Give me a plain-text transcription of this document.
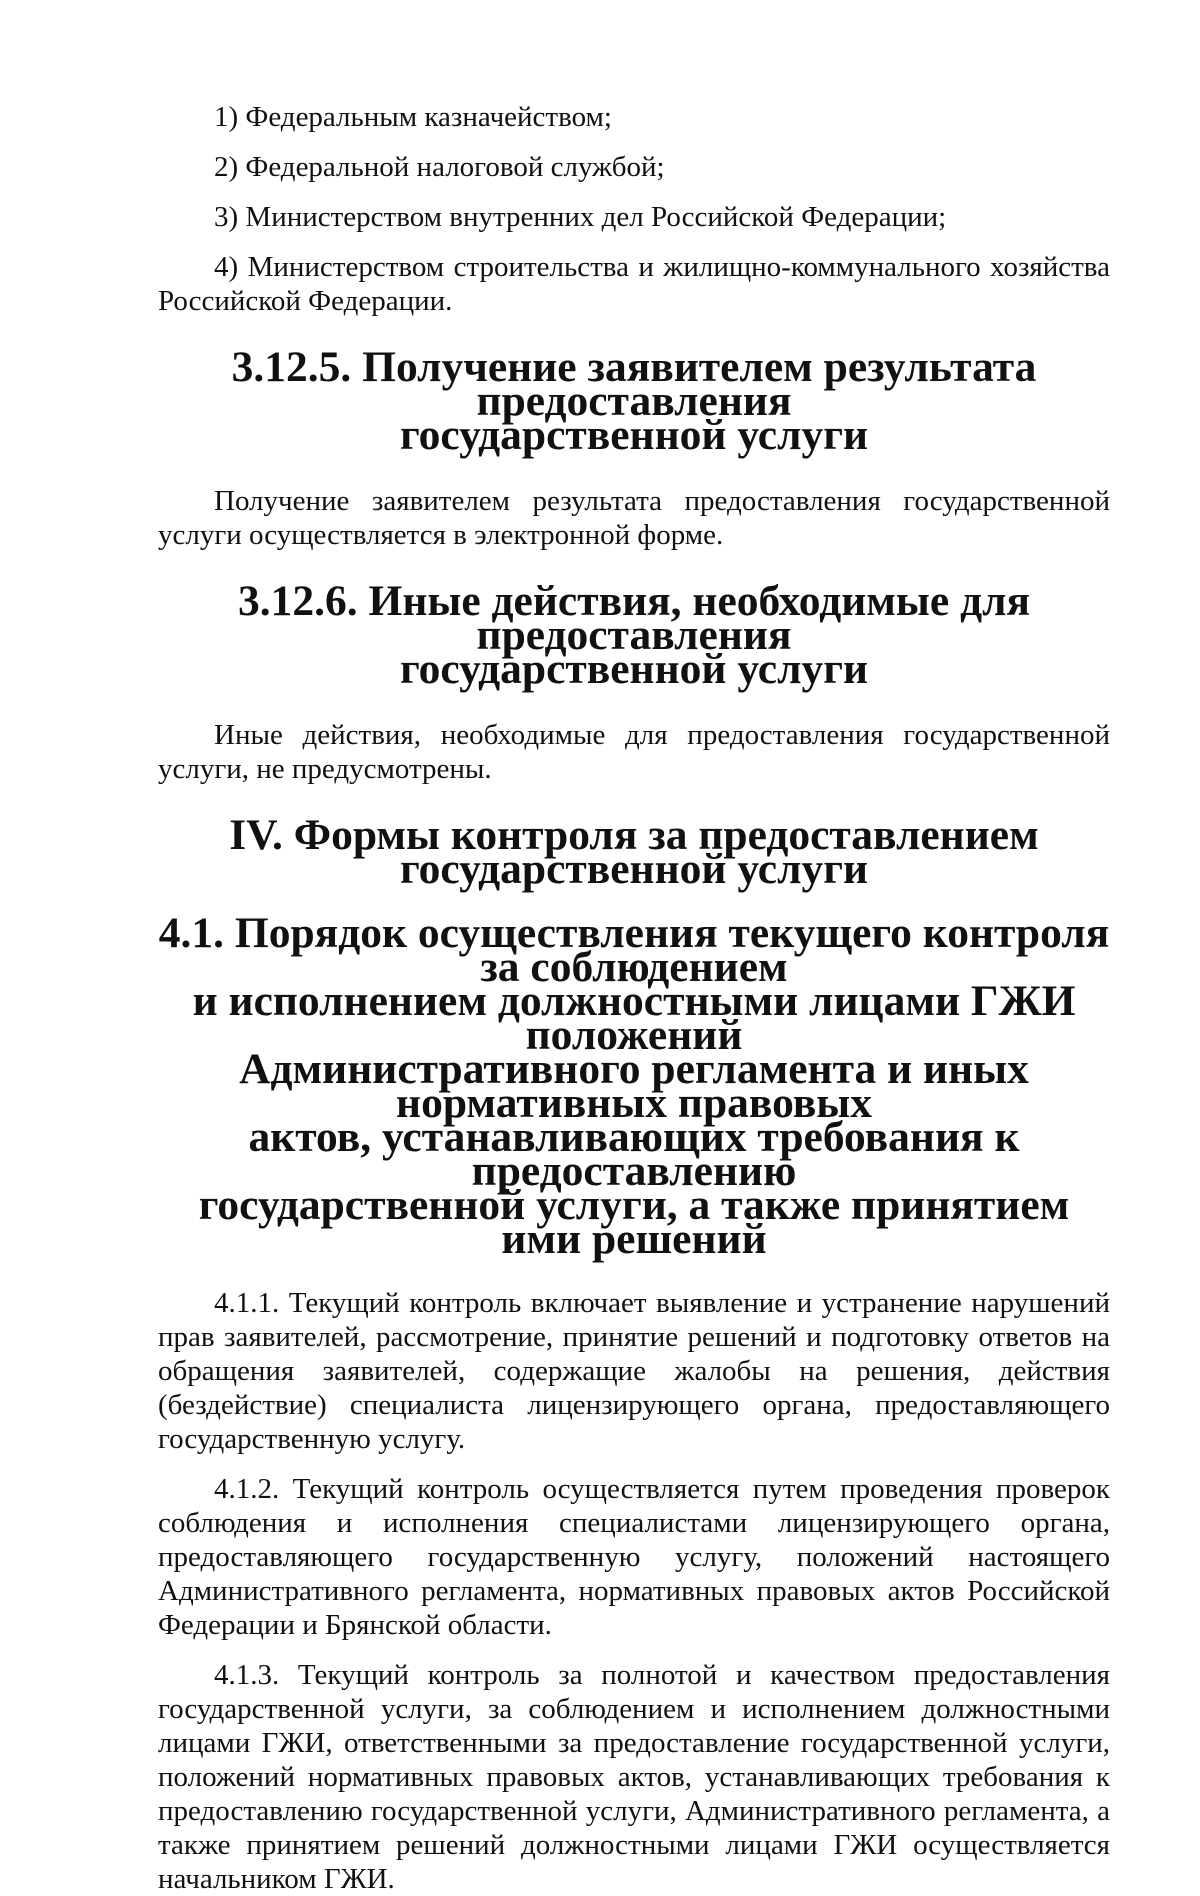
1) Федеральным казначейством;

2) Федеральной налоговой службой;

3) Министерством внутренних дел Российской Федерации;

4) Министерством строительства и жилищно-коммунального хозяйства Российской Федерации.

3.12.5. Получение заявителем результата предоставления
государственной услуги

Получение заявителем результата предоставления государственной услуги осуществляется в электронной форме.

3.12.6. Иные действия, необходимые для предоставления
государственной услуги

Иные действия, необходимые для предоставления государственной услуги, не предусмотрены.

IV. Формы контроля за предоставлением государственной услуги
4.1. Порядок осуществления текущего контроля за соблюдением
и исполнением должностными лицами ГЖИ положений
Административного регламента и иных нормативных правовых
актов, устанавливающих требования к предоставлению
государственной услуги, а также принятием ими решений

4.1.1. Текущий контроль включает выявление и устранение нарушений прав заявителей, рассмотрение, принятие решений и подготовку ответов на обращения заявителей, содержащие жалобы на решения, действия (бездействие) специалиста лицензирующего органа, предоставляющего государственную услугу.

4.1.2. Текущий контроль осуществляется путем проведения проверок соблюдения и исполнения специалистами лицензирующего органа, предоставляющего государственную услугу, положений настоящего Административного регламента, нормативных правовых актов Российской Федерации и Брянской области.

4.1.3. Текущий контроль за полнотой и качеством предоставления государственной услуги, за соблюдением и исполнением должностными лицами ГЖИ, ответственными за предоставление государственной услуги, положений нормативных правовых актов, устанавливающих требования к предоставлению государственной услуги, Административного регламента, а также принятием решений должностными лицами ГЖИ осуществляется начальником ГЖИ.
